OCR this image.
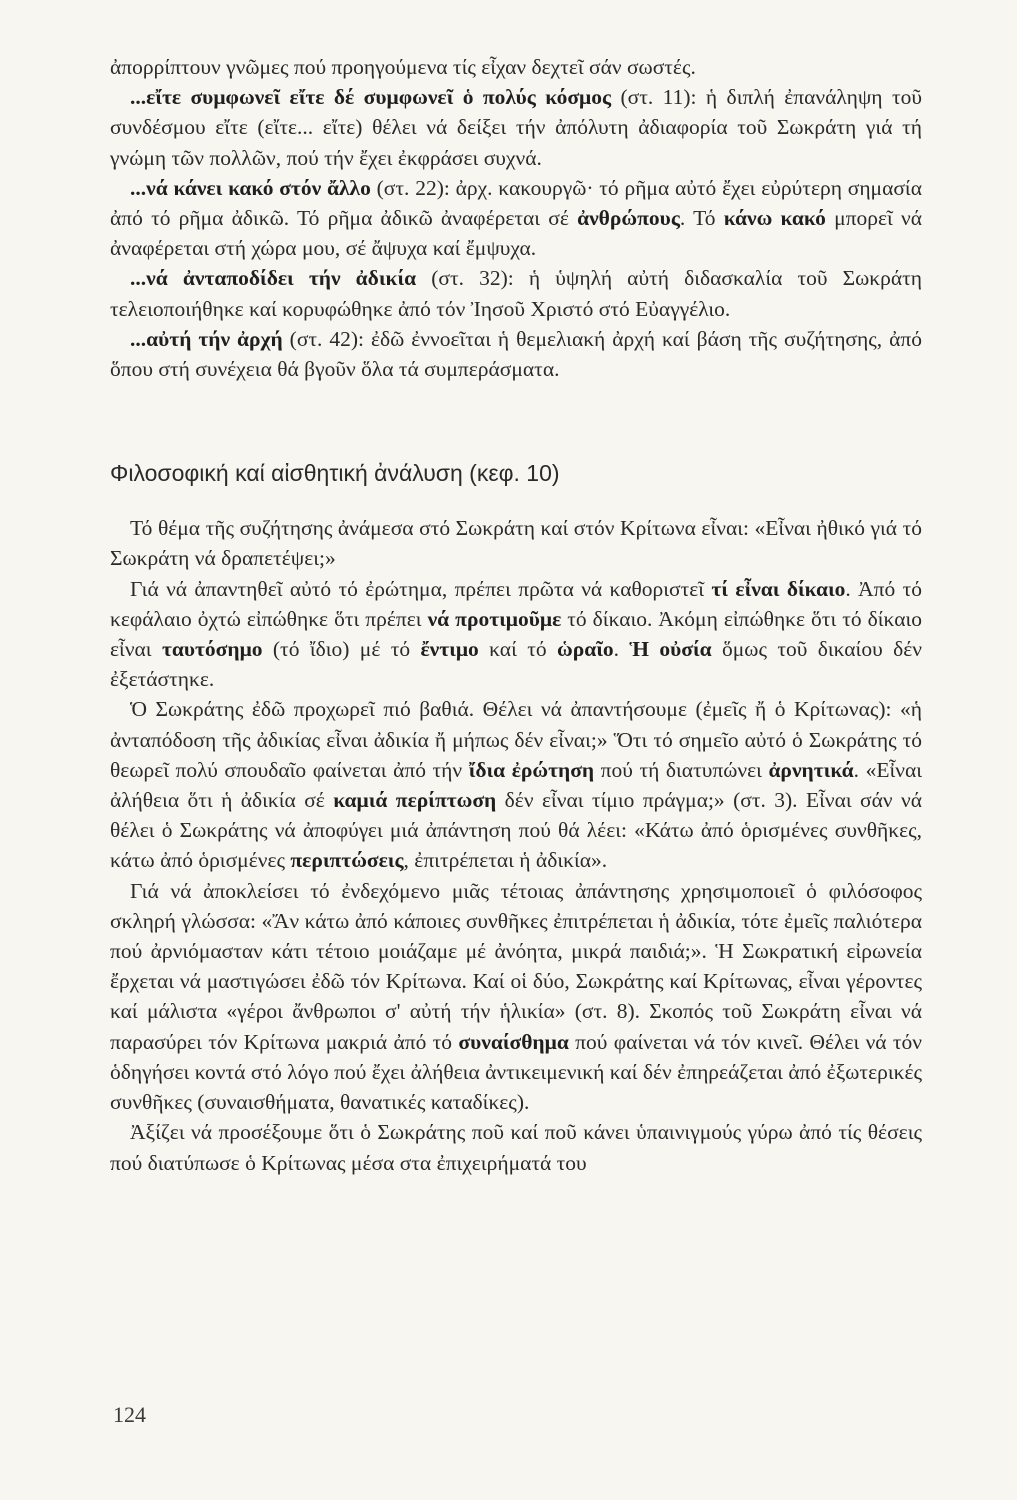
ἀπορρίπτουν γνῶμες πού προηγούμενα τίς εἶχαν δεχτεῖ σάν σωστές.

...εἴτε συμφωνεῖ εἴτε δέ συμφωνεῖ ὁ πολύς κόσμος (στ. 11): ἡ διπλή ἐπανάληψη τοῦ συνδέσμου εἴτε (εἴτε... εἴτε) θέλει νά δείξει τήν ἀπόλυτη ἀδιαφορία τοῦ Σωκράτη γιά τή γνώμη τῶν πολλῶν, πού τήν ἔχει ἐκφράσει συχνά.

...νά κάνει κακό στόν ἄλλο (στ. 22): ἀρχ. κακουργῶ· τό ρῆμα αὐτό ἔχει εὐρύτερη σημασία ἀπό τό ρῆμα ἀδικῶ. Τό ρῆμα ἀδικῶ ἀναφέρεται σέ ἀνθρώπους. Τό κάνω κακό μπορεῖ νά ἀναφέρεται στή χώρα μου, σέ ἄψυχα καί ἔμψυχα.

...νά ἀνταποδίδει τήν ἀδικία (στ. 32): ἡ ὑψηλή αὐτή διδασκαλία τοῦ Σωκράτη τελειοποιήθηκε καί κορυφώθηκε ἀπό τόν Ἰησοῦ Χριστό στό Εὐαγγέλιο.

...αὐτή τήν ἀρχή (στ. 42): ἐδῶ ἐννοεῖται ἡ θεμελιακή ἀρχή καί βάση τῆς συζήτησης, ἀπό ὅπου στή συνέχεια θά βγοῦν ὅλα τά συμπεράσματα.

Φιλοσοφική καί αἰσθητική ἀνάλυση (κεφ. 10)

Τό θέμα τῆς συζήτησης ἀνάμεσα στό Σωκράτη καί στόν Κρίτωνα εἶναι: «Εἶναι ἠθικό γιά τό Σωκράτη νά δραπετέψει;»

Γιά νά ἀπαντηθεῖ αὐτό τό ἐρώτημα, πρέπει πρῶτα νά καθοριστεῖ τί εἶναι δίκαιο. Ἀπό τό κεφάλαιο ὀχτώ εἰπώθηκε ὅτι πρέπει νά προτιμοῦμε τό δίκαιο. Ἀκόμη εἰπώθηκε ὅτι τό δίκαιο εἶναι ταυτόσημο (τό ἴδιο) μέ τό ἔντιμο καί τό ὡραῖο. Ἡ οὐσία ὅμως τοῦ δικαίου δέν ἐξετάστηκε.

Ὁ Σωκράτης ἐδῶ προχωρεῖ πιό βαθιά. Θέλει νά ἀπαντήσουμε (ἐμεῖς ἤ ὁ Κρίτωνας): «ἡ ἀνταπόδοση τῆς ἀδικίας εἶναι ἀδικία ἤ μήπως δέν εἶναι;» Ὅτι τό σημεῖο αὐτό ὁ Σωκράτης τό θεωρεῖ πολύ σπουδαῖο φαίνεται ἀπό τήν ἴδια ἐρώτηση πού τή διατυπώνει ἀρνητικά. «Εἶναι ἀλήθεια ὅτι ἡ ἀδικία σέ καμιά περίπτωση δέν εἶναι τίμιο πράγμα;» (στ. 3). Εἶναι σάν νά θέλει ὁ Σωκράτης νά ἀποφύγει μιά ἀπάντηση πού θά λέει: «Κάτω ἀπό ὁρισμένες συνθῆκες, κάτω ἀπό ὁρισμένες περιπτώσεις, ἐπιτρέπεται ἡ ἀδικία».

Γιά νά ἀποκλείσει τό ἐνδεχόμενο μιᾶς τέτοιας ἀπάντησης χρησιμοποιεῖ ὁ φιλόσοφος σκληρή γλώσσα: «Ἄν κάτω ἀπό κάποιες συνθῆκες ἐπιτρέπεται ἡ ἀδικία, τότε ἐμεῖς παλιότερα πού ἀρνιόμασταν κάτι τέτοιο μοιάζαμε μέ ἀνόητα, μικρά παιδιά;». Ἡ Σωκρατική εἰρωνεία ἔρχεται νά μαστιγώσει ἐδῶ τόν Κρίτωνα. Καί οἱ δύο, Σωκράτης καί Κρίτωνας, εἶναι γέροντες καί μάλιστα «γέροι ἄνθρωποι σ' αὐτή τήν ἡλικία» (στ. 8). Σκοπός τοῦ Σωκράτη εἶναι νά παρασύρει τόν Κρίτωνα μακριά ἀπό τό συναίσθημα πού φαίνεται νά τόν κινεῖ. Θέλει νά τόν ὁδηγήσει κοντά στό λόγο πού ἔχει ἀλήθεια ἀντικειμενική καί δέν ἐπηρεάζεται ἀπό ἐξωτερικές συνθῆκες (συναισθήματα, θανατικές καταδίκες).

Ἀξίζει νά προσέξουμε ὅτι ὁ Σωκράτης ποῦ καί ποῦ κάνει ὑπαινιγμούς γύρω ἀπό τίς θέσεις πού διατύπωσε ὁ Κρίτωνας μέσα στα ἐπιχειρήματά του

124
